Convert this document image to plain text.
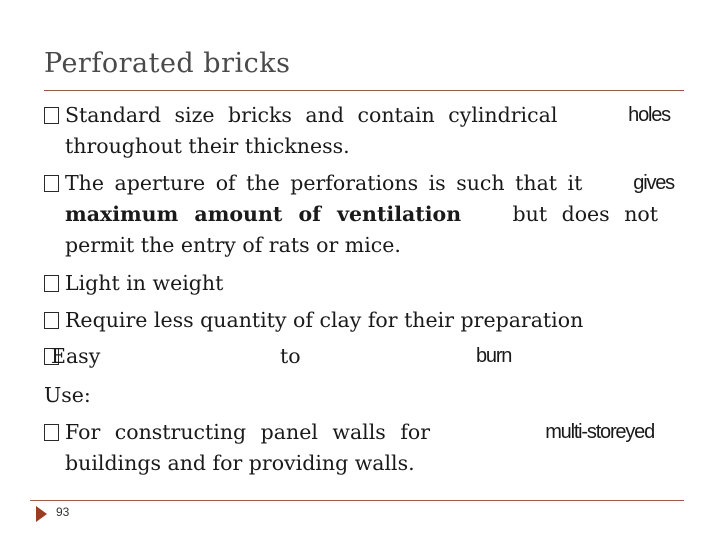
Perforated bricks
Standard size bricks and contain cylindrical	holes
throughout their thickness.
The aperture of the perforations is such that it	gives
maximum amount of ventilation	but does not
permit the entry of rats or mice.
Light in weight
Require less quantity of clay for their preparation
Easy	to	burn
Use:
For constructing panel walls for	multi-storeyed
buildings and for providing walls.
93
